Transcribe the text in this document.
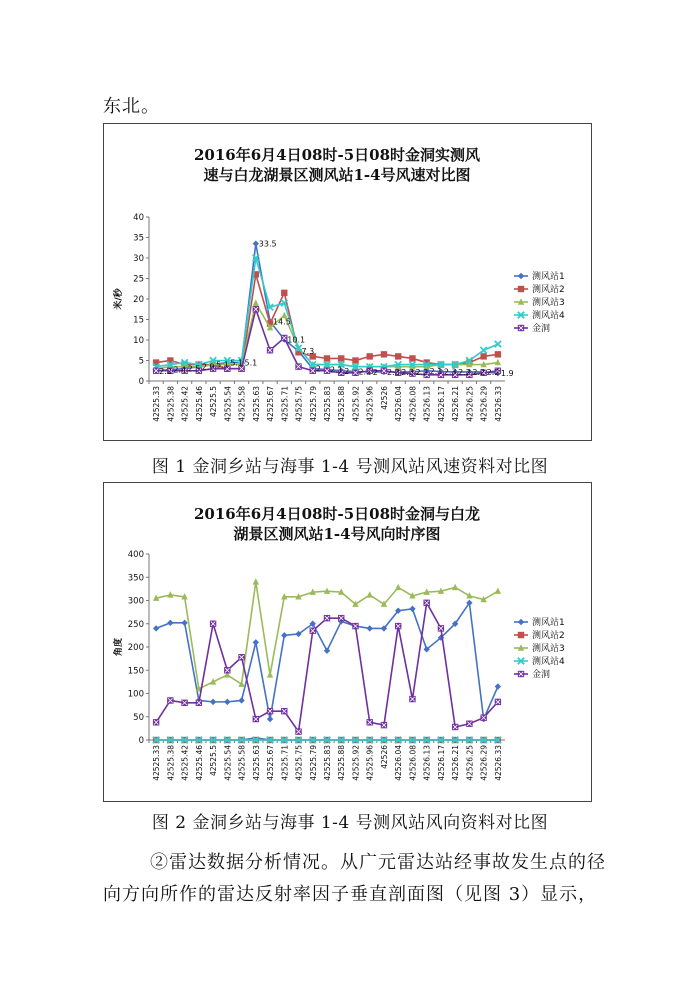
东北。
2016年6月4日08时-5日08时金洞实测风
速与白龙湖景区测风站1-4号风速对比图
0
5
10
15
20
25
30
35
40
米/秒
42525.33 42525.38 42525.42 42525.46 42525.5 42525.54 42525.58 42525.63 42525.67 42525.71 42525.75 42525.79 42525.83 42525.88 42525.92 42525.96 42526 42526.04 42526.08 42526.13 42526.17 42526.21 42526.25 42526.29 42526.33
2.2 2.4 2.5 2.9 5.1 5.1 5.1
33.5
14.5
10.1
7.3
2 2.1 2 2.2 2 2.3 2.3 2.2 2.1 2.3 2.2 2.2 2.2 1.9
测风站1
测风站2
测风站3
测风站4
金洞
图 1 金洞乡站与海事 1-4 号测风站风速资料对比图
2016年6月4日08时-5日08时金洞与白龙
湖景区测风站1-4号风向时序图
0
50
100
150
200
250
300
350
400
角度
42525.33 42525.38 42525.42 42525.46 42525.5 42525.54 42525.58 42525.63 42525.67 42525.71 42525.75 42525.79 42525.83 42525.88 42525.92 42525.96 42526 42526.04 42526.08 42526.13 42526.17 42526.21 42526.25 42526.29 42526.33
测风站1
测风站2
测风站3
测风站4
金洞
图 2 金洞乡站与海事 1-4 号测风站风向资料对比图
②雷达数据分析情况。从广元雷达站经事故发生点的径
向方向所作的雷达反射率因子垂直剖面图（见图 3）显示，
